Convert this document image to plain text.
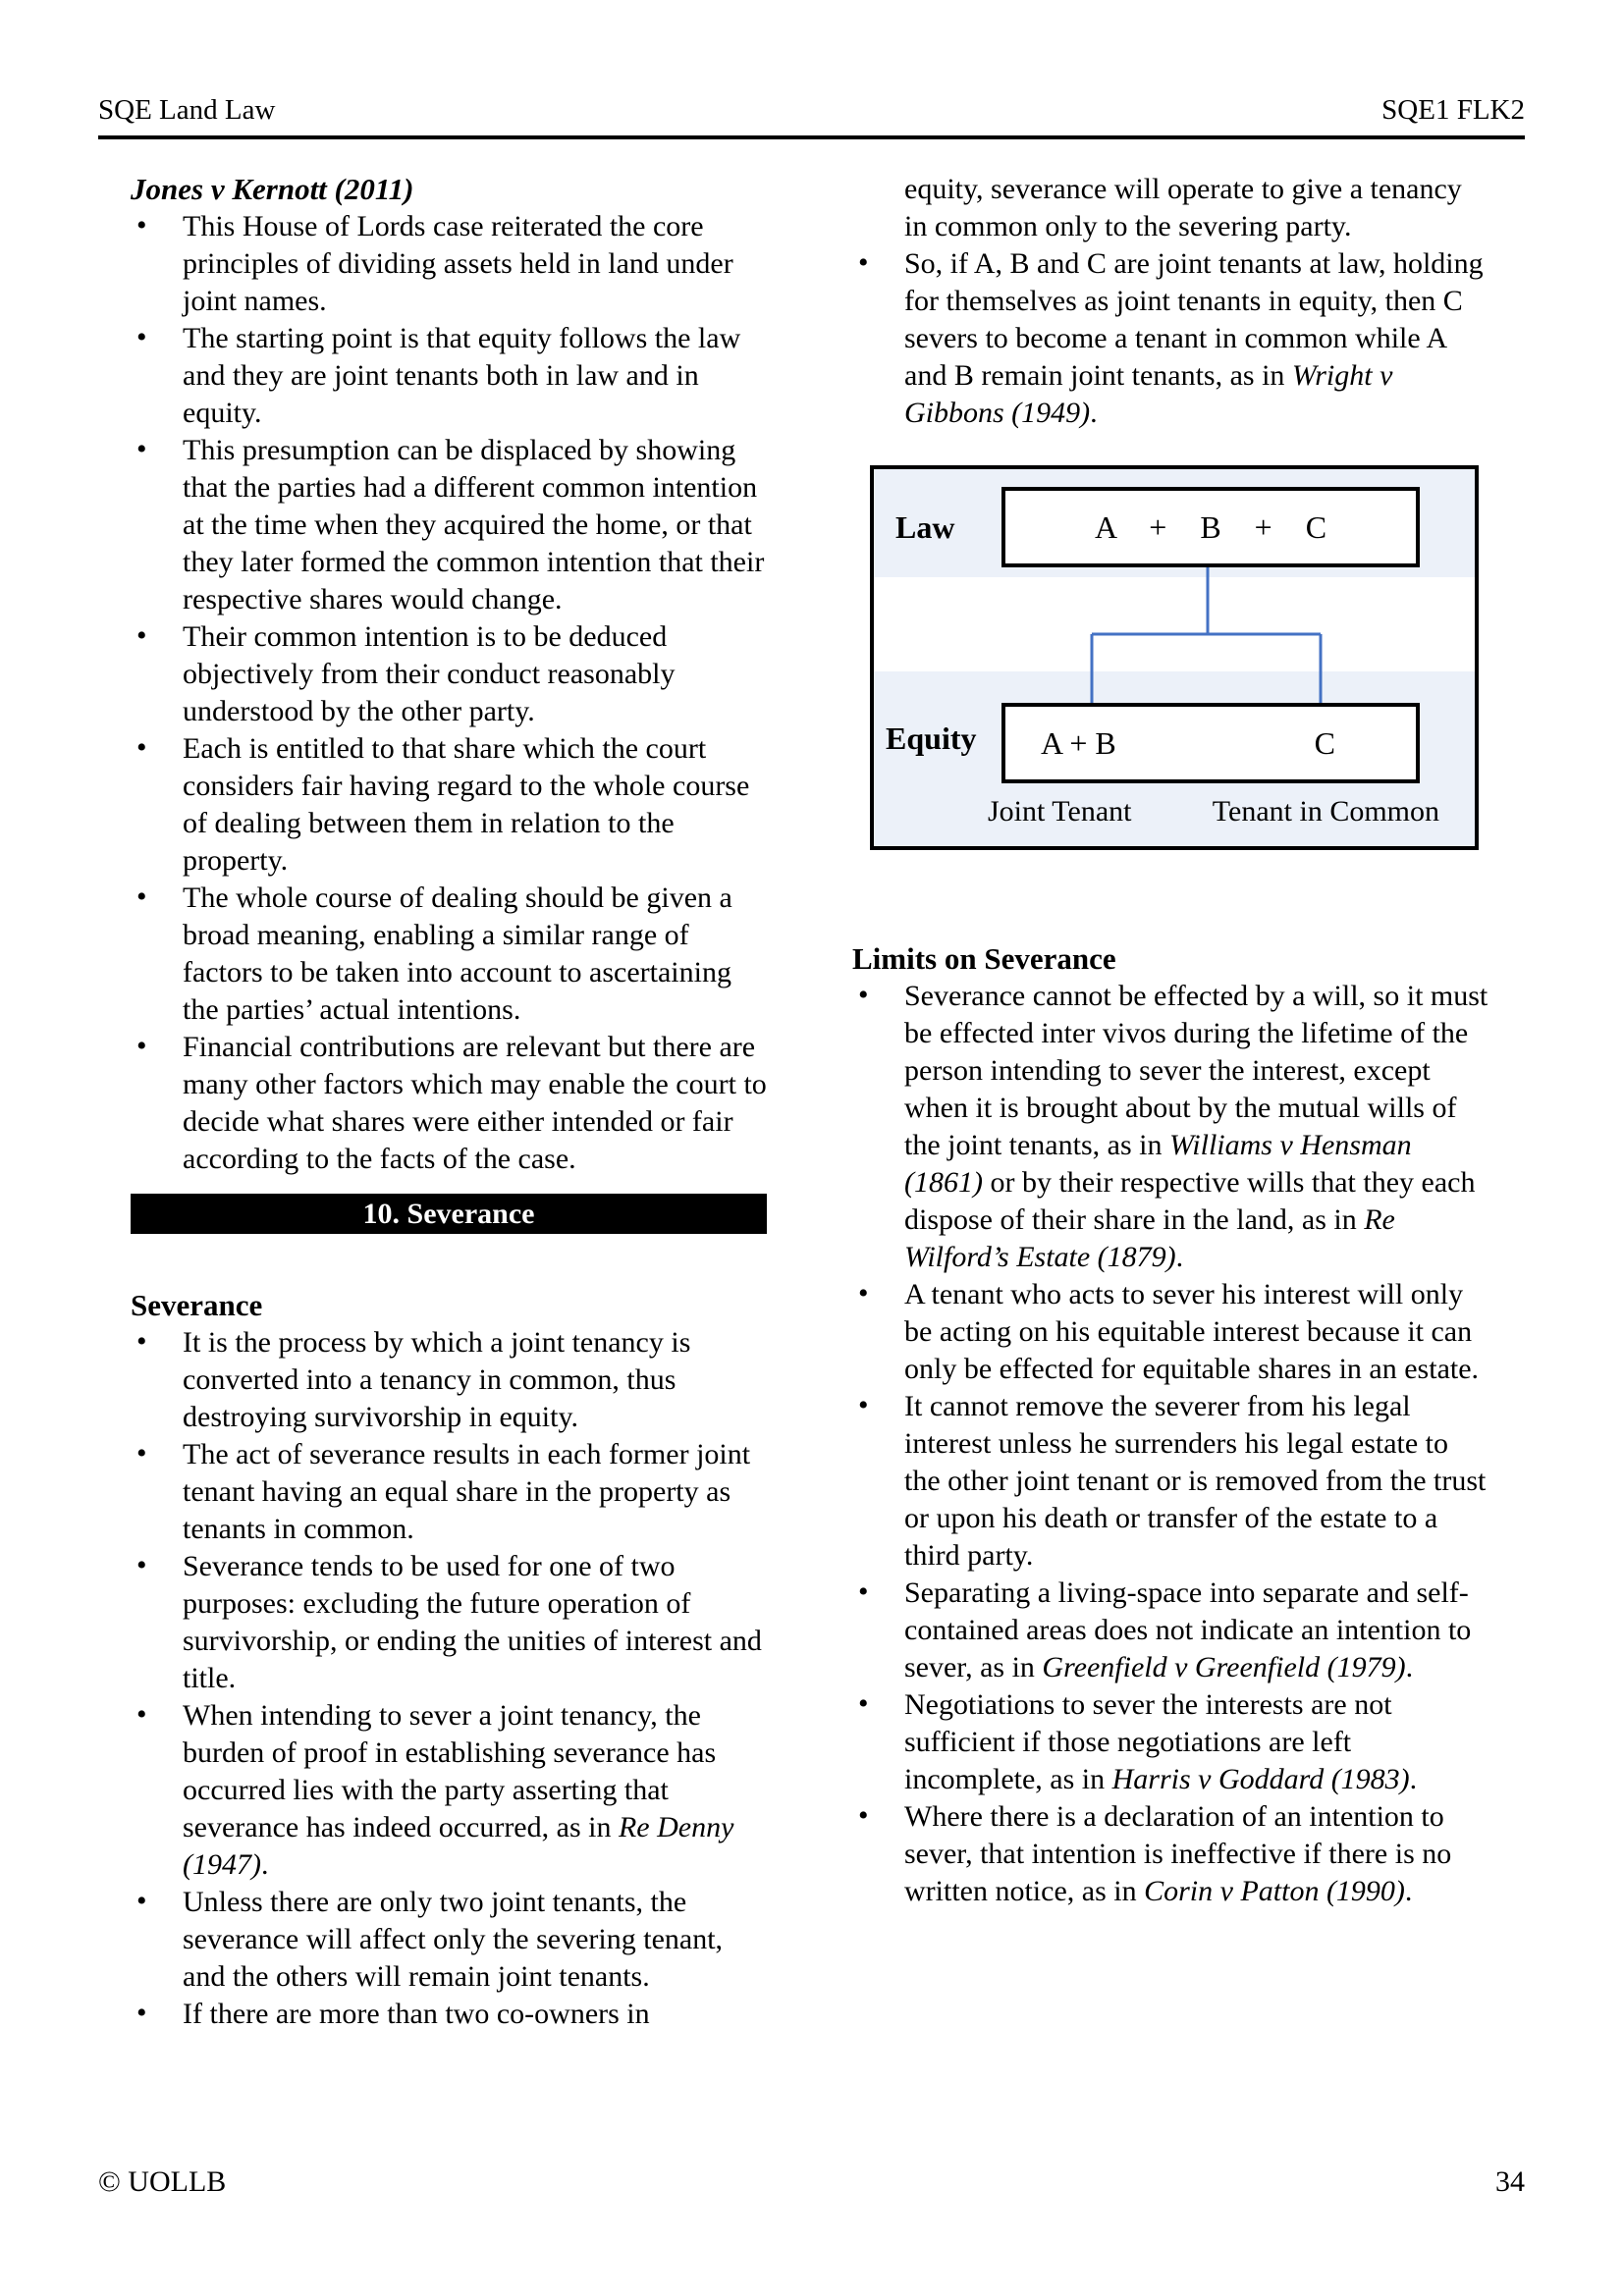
SQE Land Law	SQE1 FLK2

Jones v Kernott (2011)

• This House of Lords case reiterated the core principles of dividing assets held in land under joint names.
• The starting point is that equity follows the law and they are joint tenants both in law and in equity.
• This presumption can be displaced by showing that the parties had a different common intention at the time when they acquired the home, or that they later formed the common intention that their respective shares would change.
• Their common intention is to be deduced objectively from their conduct reasonably understood by the other party.
• Each is entitled to that share which the court considers fair having regard to the whole course of dealing between them in relation to the property.
• The whole course of dealing should be given a broad meaning, enabling a similar range of factors to be taken into account to ascertaining the parties’ actual intentions.
• Financial contributions are relevant but there are many other factors which may enable the court to decide what shares were either intended or fair according to the facts of the case.
10. Severance

Severance

• It is the process by which a joint tenancy is converted into a tenancy in common, thus destroying survivorship in equity.
• The act of severance results in each former joint tenant having an equal share in the property as tenants in common.
• Severance tends to be used for one of two purposes: excluding the future operation of survivorship, or ending the unities of interest and title.
• When intending to sever a joint tenancy, the burden of proof in establishing severance has occurred lies with the party asserting that severance has indeed occurred, as in Re Denny (1947).
• Unless there are only two joint tenants, the severance will affect only the severing tenant, and the others will remain joint tenants.
• If there are more than two co-owners in

equity, severance will operate to give a tenancy in common only to the severing party.

• So, if A, B and C are joint tenants at law, holding for themselves as joint tenants in equity, then C severs to become a tenant in common while A and B remain joint tenants, as in Wright v Gibbons (1949).
Law	A + B + C
Equity A + B	C
Joint Tenant	Tenant in Common

Limits on Severance

• Severance cannot be effected by a will, so it must be effected inter vivos during the lifetime of the person intending to sever the interest, except when it is brought about by the mutual wills of the joint tenants, as in Williams v Hensman (1861) or by their respective wills that they each dispose of their share in the land, as in Re Wilford’s Estate (1879).
• A tenant who acts to sever his interest will only be acting on his equitable interest because it can only be effected for equitable shares in an estate.
• It cannot remove the severer from his legal interest unless he surrenders his legal estate to the other joint tenant or is removed from the trust or upon his death or transfer of the estate to a third party.
• Separating a living-space into separate and self-contained areas does not indicate an intention to sever, as in Greenfield v Greenfield (1979).
• Negotiations to sever the interests are not sufficient if those negotiations are left incomplete, as in Harris v Goddard (1983).
• Where there is a declaration of an intention to sever, that intention is ineffective if there is no written notice, as in Corin v Patton (1990).
© UOLLB	34
